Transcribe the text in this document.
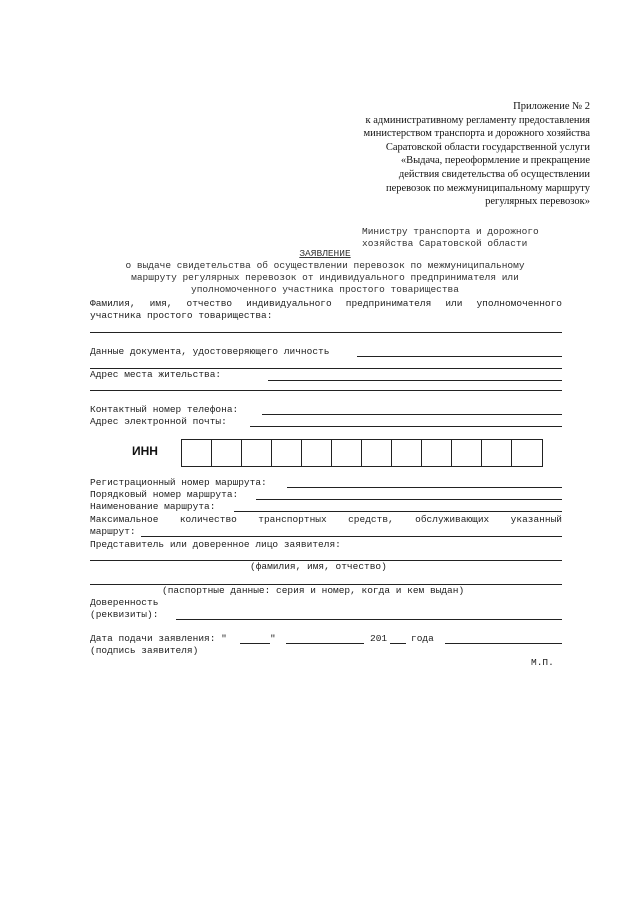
Приложение № 2
к административному регламенту предоставления
министерством транспорта и дорожного хозяйства
Саратовской области государственной услуги
«Выдача, переоформление и прекращение
действия свидетельства об осуществлении
перевозок по межмуниципальному маршруту
регулярных перевозок»
Министру транспорта и дорожного
хозяйства Саратовской области
ЗАЯВЛЕНИЕ
о выдаче свидетельства об осуществлении перевозок по межмуниципальному
маршруту регулярных перевозок от индивидуального предпринимателя или
уполномоченного участника простого товарищества
Фамилия, имя, отчество индивидуального предпринимателя или уполномоченного
участника простого товарищества:
Данные документа, удостоверяющего личность
Адрес места жительства:
Контактный номер телефона:
Адрес электронной почты:
ИНН
Регистрационный номер маршрута:
Порядковый номер маршрута:
Наименование маршрута:
Максимальное количество транспортных средств, обслуживающих указанный
маршрут:
Представитель или доверенное лицо заявителя:
(фамилия, имя, отчество)
(паспортные данные: серия и номер, когда и кем выдан)
Доверенность
(реквизиты):
Дата подачи заявления: "	"	201	года
(подпись заявителя)
М.П.
